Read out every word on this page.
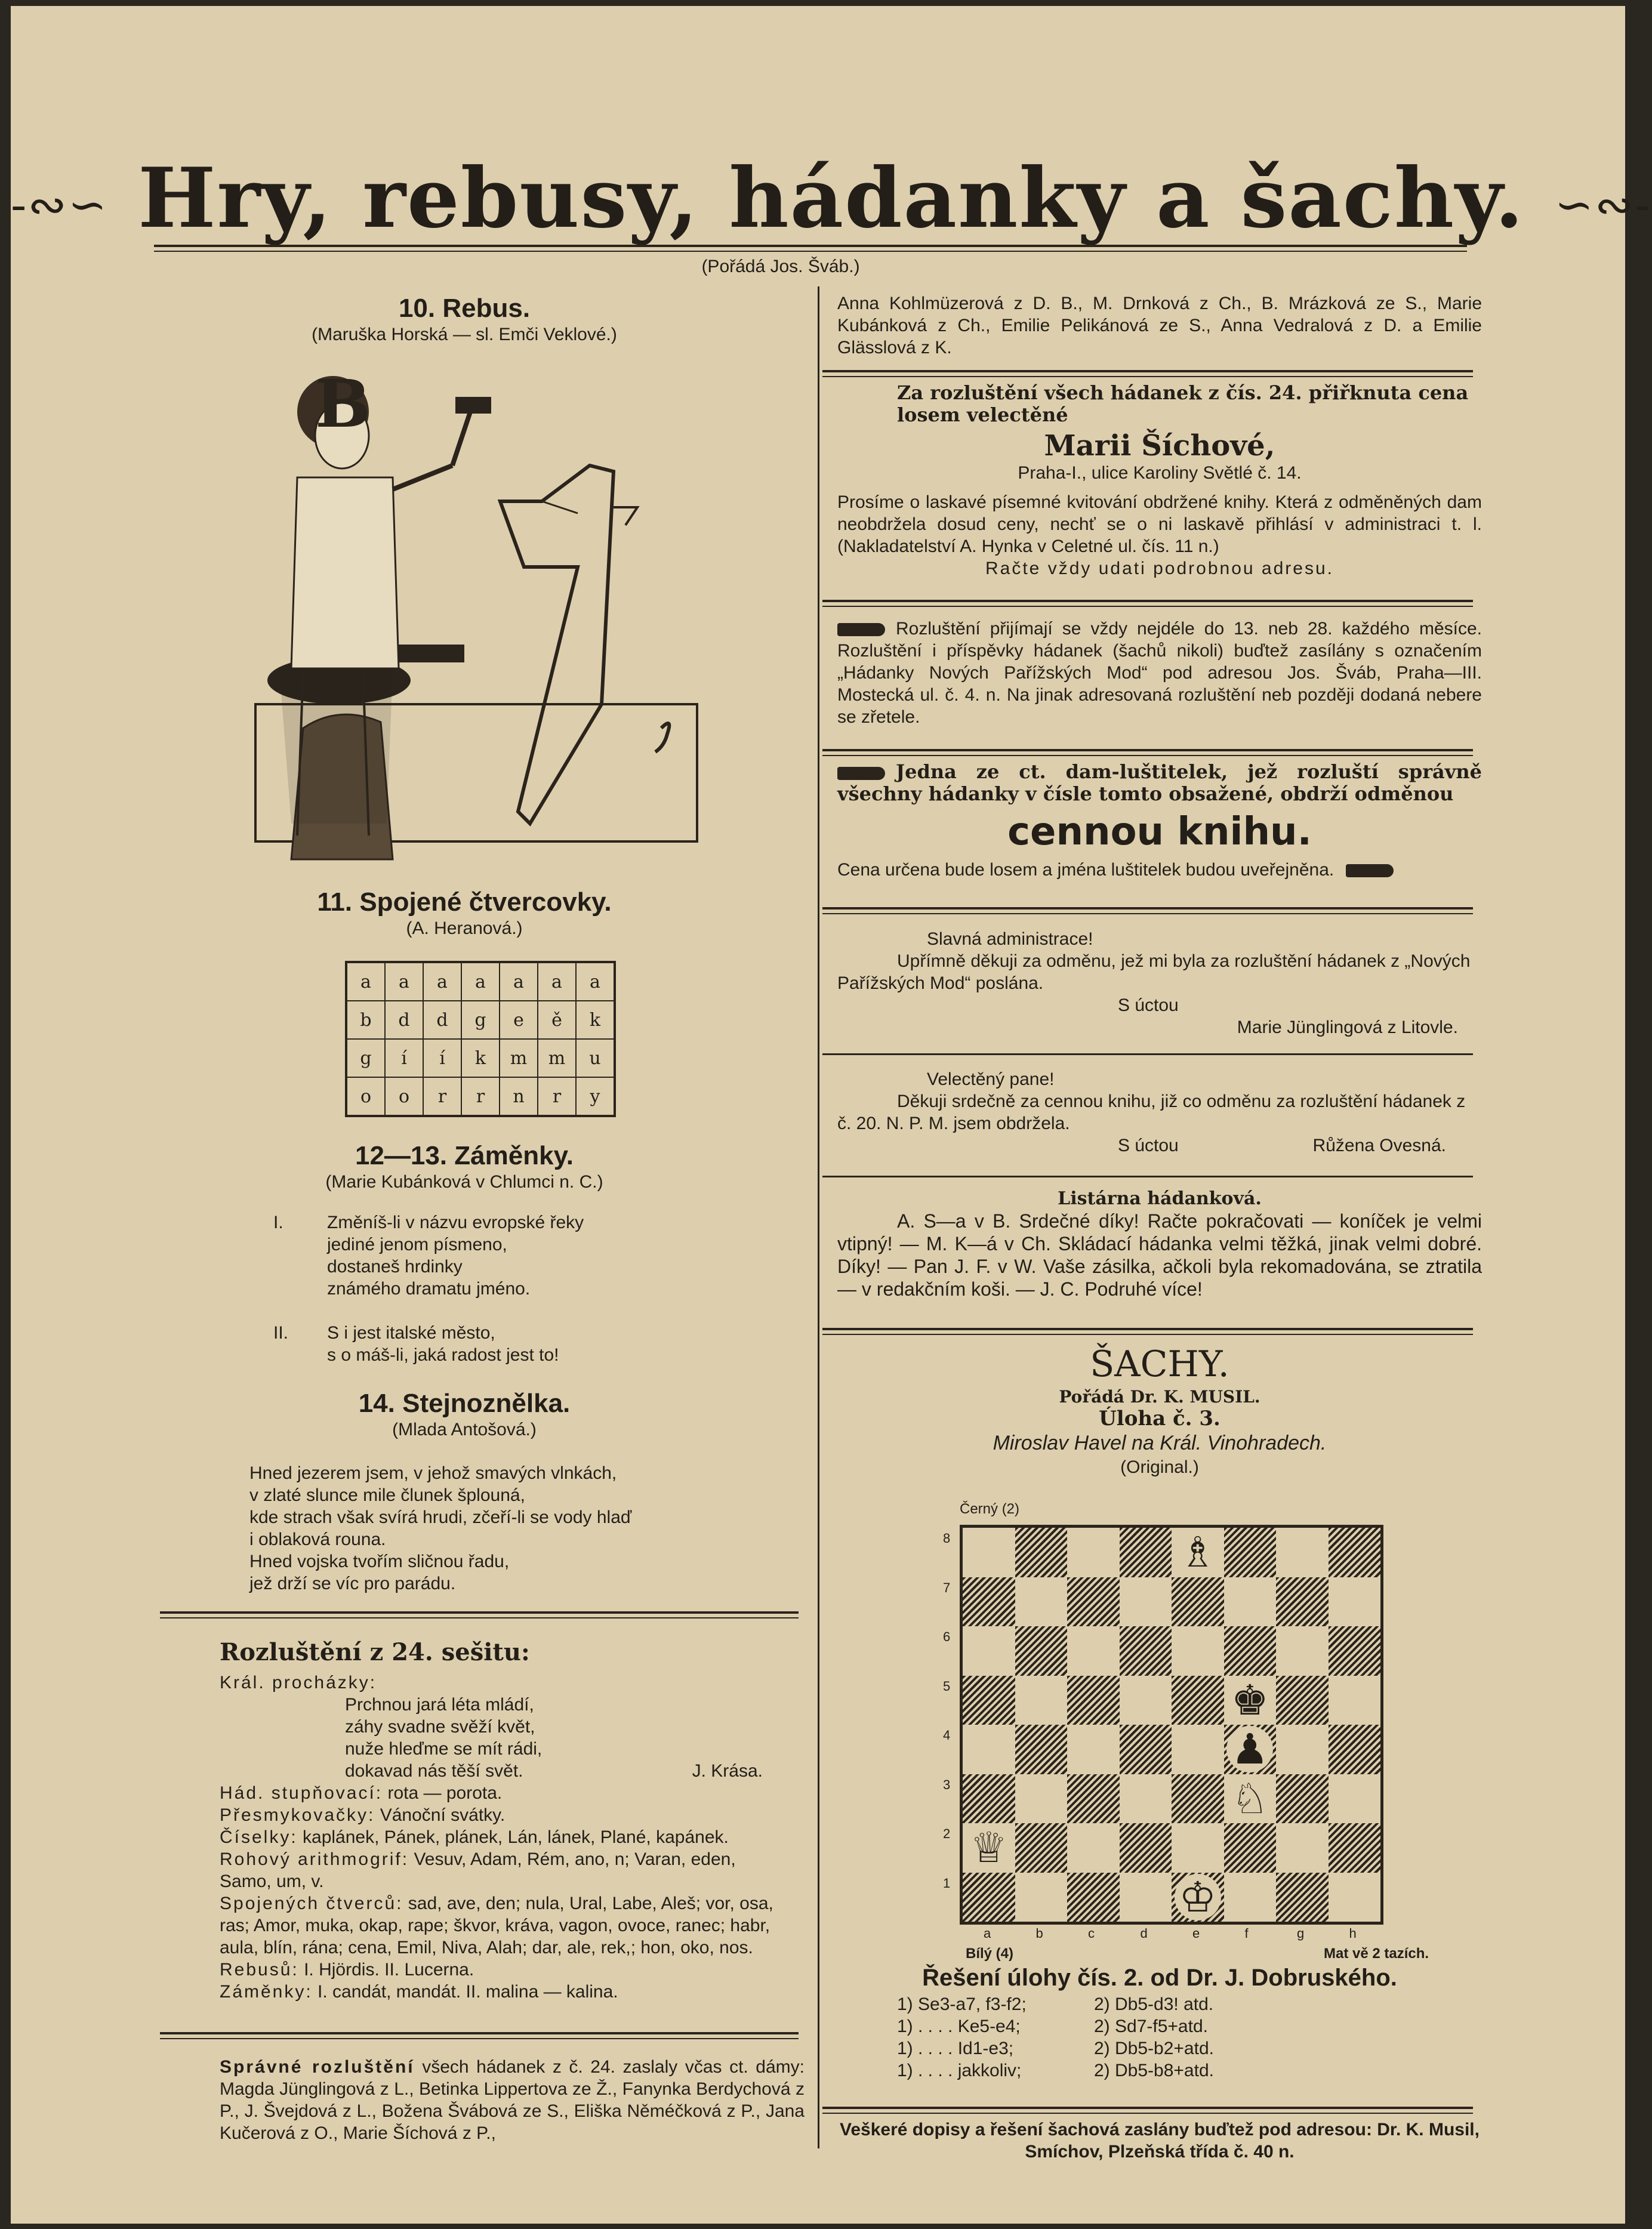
-∾∽ Hry, rebusy, hádanky a šachy. ∽∾-
(Pořádá Jos. Šváb.)
10. Rebus.
(Maruška Horská — sl. Emči Veklové.)
B
11. Spojené čtvercovky.
(A. Heranová.)
a	a	a	a	a	a	a
b	d	d	g	e	ě	k
g	í	í	k	m	m	u
o	o	r	r	n	r	y
12—13. Záměnky.
(Marie Kubánková v Chlumci n. C.)
I. Změníš-li v názvu evropské řeky
jediné jenom písmeno,
dostaneš hrdinky
známého dramatu jméno.
II. S i jest italské město,
s o máš-li, jaká radost jest to!
14. Stejnoznělka.
(Mlada Antošová.)
Hned jezerem jsem, v jehož smavých vlnkách,
v zlaté slunce mile člunek šplouná,
kde strach však svírá hrudi, zčeří-li se vody hlaď
i oblaková rouna.
Hned vojska tvořím sličnou řadu,
jež drží se víc pro parádu.
Rozluštění z 24. sešitu:
Král. procházky:
Prchnou jará léta mládí,
záhy svadne svěží květ,
nuže hleďme se mít rádi,
dokavad nás těší svět.	J. Krása.
Hád. stupňovací: rota — porota.
Přesmykovačky: Vánoční svátky.
Číselky: kaplánek, Pánek, plánek, Lán, lánek, Plané, kapánek.
Rohový arithmogrif: Vesuv, Adam, Rém, ano, n; Varan, eden, Samo, um, v.
Spojených čtverců: sad, ave, den; nula, Ural, Labe, Aleš; vor, osa, ras; Amor, muka, okap, rape; škvor, kráva, vagon, ovoce, ranec; habr, aula, blín, rána; cena, Emil, Niva, Alah; dar, ale, rek,; hon, oko, nos.
Rebusů: I. Hjördis. II. Lucerna.
Záměnky: I. candát, mandát. II. malina — kalina.
Správné rozluštění všech hádanek z č. 24. zaslaly včas ct. dámy: Magda Jünglingová z L., Betinka Lippertova ze Ž., Fanynka Berdychová z P., J. Švejdová z L., Božena Švábová ze S., Eliška Něméčková z P., Jana Kučerová z O., Marie Šíchová z P.,
Anna Kohlmüzerová z D. B., M. Drnková z Ch., B. Mrázková ze S., Marie Kubánková z Ch., Emilie Pelikánová ze S., Anna Vedralová z D. a Emilie Glässlová z K.
Za rozluštění všech hádanek z čís. 24. přiřknuta cena losem velectěné
Marii Šíchové,
Praha-I., ulice Karoliny Světlé č. 14.
Prosíme o laskavé písemné kvitování obdržené knihy. Která z odměněných dam neobdržela dosud ceny, nechť se o ni laskavě přihlásí v administraci t. l. (Nakladatelství A. Hynka v Celetné ul. čís. 11 n.)
Račte vždy udati podrobnou adresu.
Rozluštění přijímají se vždy nejdéle do 13. neb 28. každého měsíce. Rozluštění i příspěvky hádanek (šachů nikoli) buďtež zasílány s označením „Hádanky Nových Pařížských Mod“ pod adresou Jos. Šváb, Praha—III. Mostecká ul. č. 4. n. Na jinak adresovaná rozluštění neb později dodaná nebere se zřetele.
Jedna ze ct. dam-luštitelek, jež rozluští správně všechny hádanky v čísle tomto obsažené, obdrží odměnou
cennou knihu.
Cena určena bude losem a jména luštitelek budou uveřejněna.
Slavná administrace!
Upřímně děkuji za odměnu, jež mi byla za rozluštění hádanek z „Nových Pařížských Mod“ poslána.
S úctou
Marie Jünglingová z Litovle.
Velectěný pane!
Děkuji srdečně za cennou knihu, již co odměnu za rozluštění hádanek z č. 20. N. P. M. jsem obdržela.
S úctou	Růžena Ovesná.
Listárna hádanková.
A. S—a v B. Srdečné díky! Račte pokračovati — koníček je velmi vtipný! — M. K—á v Ch. Skládací hádanka velmi těžká, jinak velmi dobré. Díky! — Pan J. F. v W. Vaše zásilka, ačkoli byla rekomadována, se ztratila — v redakčním koši. — J. C. Podruhé více!
ŠACHY.
Pořádá Dr. K. MUSIL.
Úloha č. 3.
Miroslav Havel na Král. Vinohradech.
(Original.)
Černý (2)
♗
♚
♟
♘
♕
♔
8
7
6
5
4
3
2
1
a	b	c	d	e	f	g	h
Bílý (4)	Mat vě 2 tazích.
Řešení úlohy čís. 2. od Dr. J. Dobruského.
1) Se3-a7, f3-f2;	2) Db5-d3! atd.
1) . . . . Ke5-e4;	2) Sd7-f5+atd.
1) . . . . Id1-e3;	2) Db5-b2+atd.
1) . . . . jakkoliv;	2) Db5-b8+atd.
Veškeré dopisy a řešení šachová zaslány buďtež pod adresou: Dr. K. Musil, Smíchov, Plzeňská třída č. 40 n.
